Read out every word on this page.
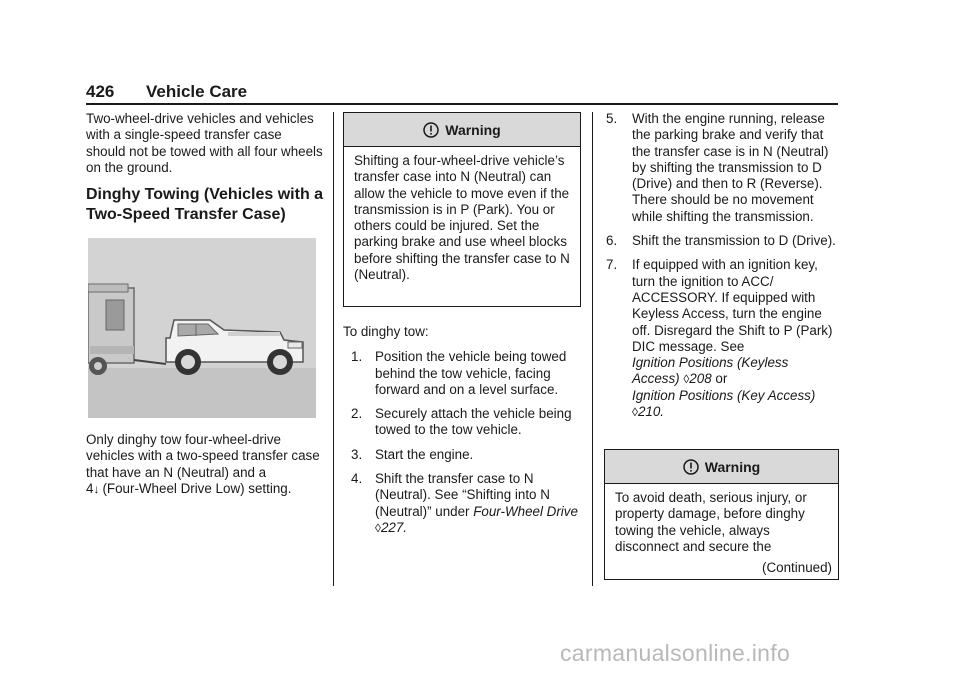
426 Vehicle Care

Two-wheel-drive vehicles and vehicles with a single-speed transfer case should not be towed with all four wheels on the ground.

Dinghy Towing (Vehicles with a Two-Speed Transfer Case)

Only dinghy tow four-wheel-drive vehicles with a two-speed transfer case that have an N (Neutral) and a
4↓ (Four-Wheel Drive Low) setting.

Warning
Shifting a four-wheel-drive vehicle’s transfer case into N (Neutral) can allow the vehicle to move even if the transmission is in P (Park). You or others could be injured. Set the parking brake and use wheel blocks before shifting the transfer case to N (Neutral).

To dinghy tow:

1. Position the vehicle being towed behind the tow vehicle, facing forward and on a level surface.
2. Securely attach the vehicle being towed to the tow vehicle.
3. Start the engine.
4. Shift the transfer case to N (Neutral). See “Shifting into N (Neutral)” under Four-Wheel Drive ◊227.
5. With the engine running, release the parking brake and verify that the transfer case is in N (Neutral) by shifting the transmission to D (Drive) and then to R (Reverse). There should be no movement while shifting the transmission.
6. Shift the transmission to D (Drive).
7. If equipped with an ignition key, turn the ignition to ACC/ ACCESSORY. If equipped with Keyless Access, turn the engine off. Disregard the Shift to P (Park) DIC message. See
Ignition Positions (Keyless Access) ◊208 or
Ignition Positions (Key Access)
◊210.
Warning
To avoid death, serious injury, or property damage, before dinghy towing the vehicle, always disconnect and secure the
(Continued)
carmanualsonline.info
